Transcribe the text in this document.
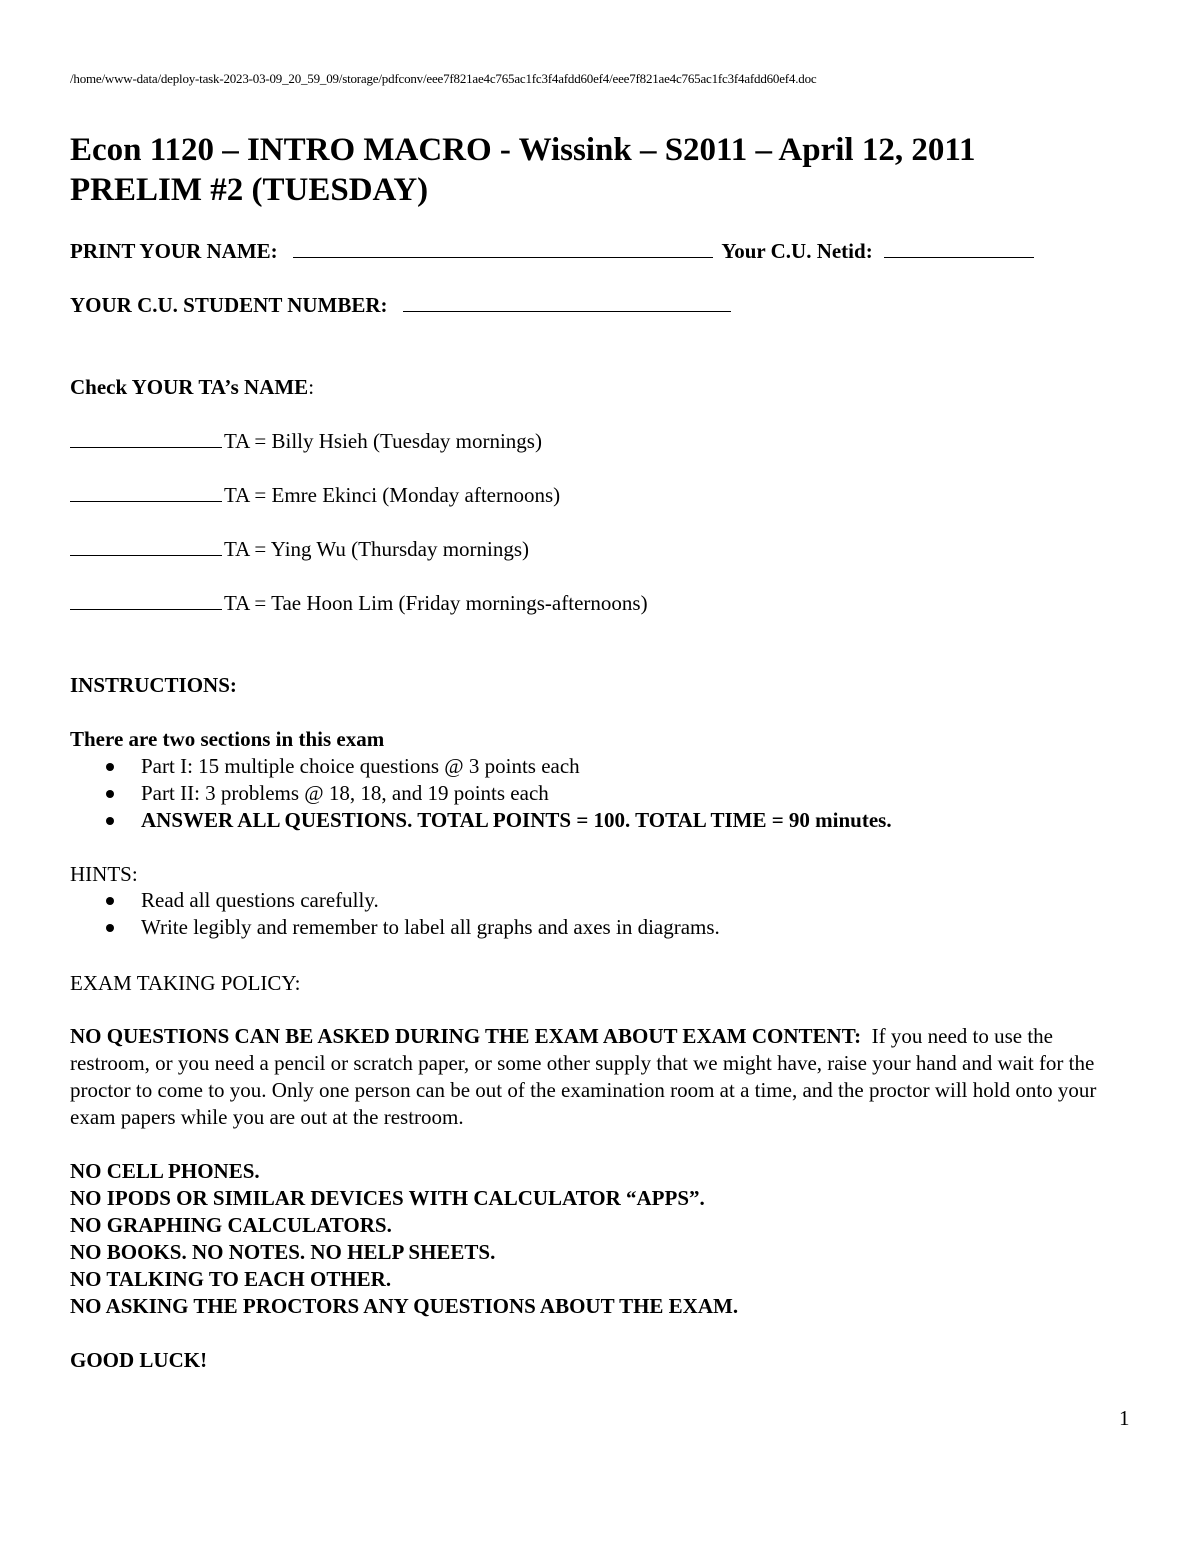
/home/www-data/deploy-task-2023-03-09_20_59_09/storage/pdfconv/eee7f821ae4c765ac1fc3f4afdd60ef4/eee7f821ae4c765ac1fc3f4afdd60ef4.doc
Econ 1120 – INTRO MACRO - Wissink – S2011 – April 12, 2011
PRELIM #2 (TUESDAY)
PRINT YOUR NAME:	Your C.U. Netid:
YOUR C.U. STUDENT NUMBER:
Check YOUR TA’s NAME:
TA = Billy Hsieh (Tuesday mornings)
TA = Emre Ekinci (Monday afternoons)
TA = Ying Wu (Thursday mornings)
TA = Tae Hoon Lim (Friday mornings-afternoons)
INSTRUCTIONS:
There are two sections in this exam
Part I: 15 multiple choice questions @ 3 points each
Part II: 3 problems @ 18, 18, and 19 points each
ANSWER ALL QUESTIONS. TOTAL POINTS = 100. TOTAL TIME = 90 minutes.
HINTS:
Read all questions carefully.
Write legibly and remember to label all graphs and axes in diagrams.
EXAM TAKING POLICY:

NO QUESTIONS CAN BE ASKED DURING THE EXAM ABOUT EXAM CONTENT: If you need to use the restroom, or you need a pencil or scratch paper, or some other supply that we might have, raise your hand and wait for the proctor to come to you. Only one person can be out of the examination room at a time, and the proctor will hold onto your exam papers while you are out at the restroom.

NO CELL PHONES.
NO IPODS OR SIMILAR DEVICES WITH CALCULATOR “APPS”.
NO GRAPHING CALCULATORS.
NO BOOKS. NO NOTES. NO HELP SHEETS.
NO TALKING TO EACH OTHER.
NO ASKING THE PROCTORS ANY QUESTIONS ABOUT THE EXAM.
GOOD LUCK!
1
